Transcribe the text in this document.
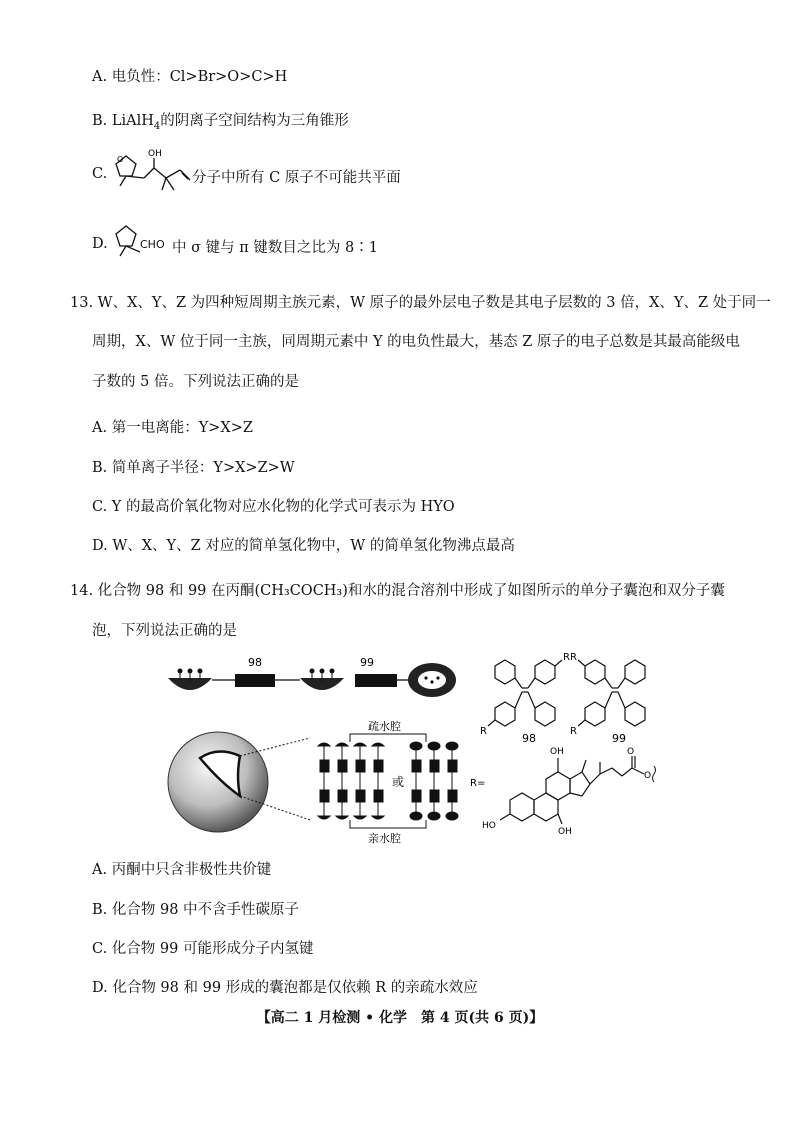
A. 电负性：Cl>Br>O>C>H
B. LiAlH$_4$的阴离子空间结构为三角锥形
C.
O
OH
分子中所有 C 原子不可能共平面
D.	CHO 中 σ 键与 π 键数目之比为 8∶1
13. W、X、Y、Z 为四种短周期主族元素，W 原子的最外层电子数是其电子层数的 3 倍，X、Y、Z 处于同一
周期，X、W 位于同一主族，同周期元素中 Y 的电负性最大，基态 Z 原子的电子总数是其最高能级电
子数的 5 倍。下列说法正确的是
A. 第一电离能：Y>X>Z
B. 简单离子半径：Y>X>Z>W
C. Y 的最高价氧化物对应水化物的化学式可表示为 HYO
D. W、X、Y、Z 对应的简单氢化物中，W 的简单氢化物沸点最高
14. 化合物 98 和 99 在丙酮(CH₃COCH₃)和水的混合溶剂中形成了如图所示的单分子囊泡和双分子囊
泡，下列说法正确的是
98	99	R
R
98
R
R
99
疏水腔
亲水腔
或	R=
OH
HO
OH
O
O
A. 丙酮中只含非极性共价键
B. 化合物 98 中不含手性碳原子
C. 化合物 99 可能形成分子内氢键
D. 化合物 98 和 99 形成的囊泡都是仅依赖 R 的亲疏水效应
【高二 1 月检测 • 化学　第 4 页(共 6 页)】
